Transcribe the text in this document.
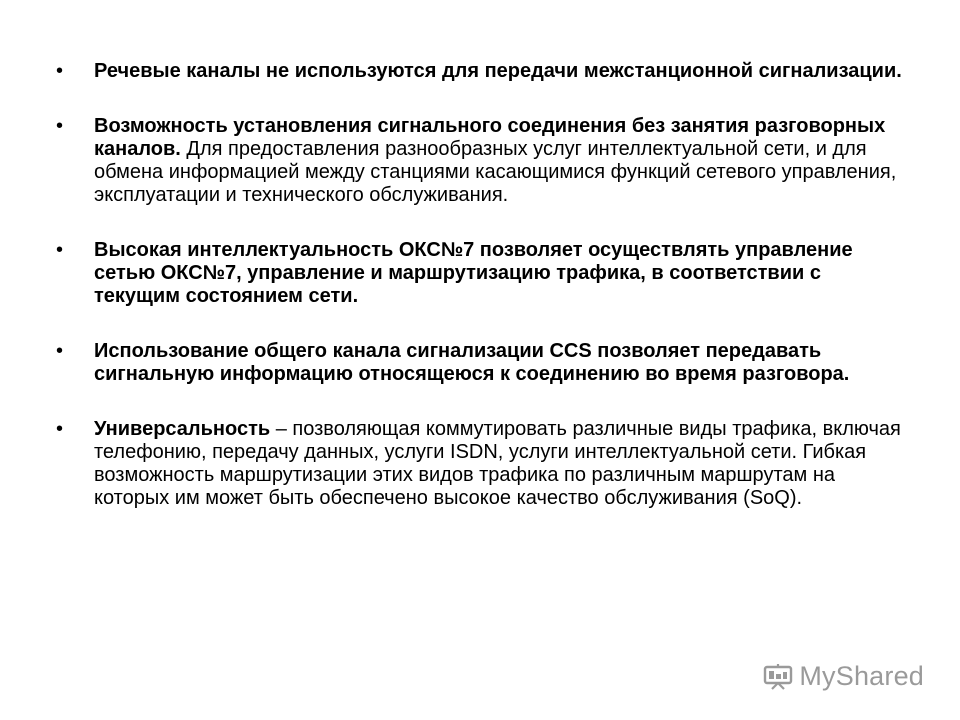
•	Речевые каналы не используются для передачи межстанционной сигнализации.
•	Возможность установления сигнального соединения без занятия разговорных каналов. Для предоставления разнообразных услуг интеллектуальной сети, и для обмена информацией между станциями касающимися функций сетевого управления, эксплуатации и технического обслуживания.
•	Высокая интеллектуальность ОКС№7 позволяет осуществлять управление сетью ОКС№7, управление и маршрутизацию трафика, в соответствии с текущим состоянием сети.
•	Использование общего канала сигнализации CCS позволяет передавать сигнальную информацию относящеюся к соединению во время разговора.
•	Универсальность – позволяющая коммутировать различные виды трафика, включая телефонию, передачу данных, услуги ISDN, услуги интеллектуальной сети. Гибкая возможность маршрутизации этих видов трафика по различным маршрутам на которых им может быть обеспечено высокое качество обслуживания (SoQ).
MyShared
